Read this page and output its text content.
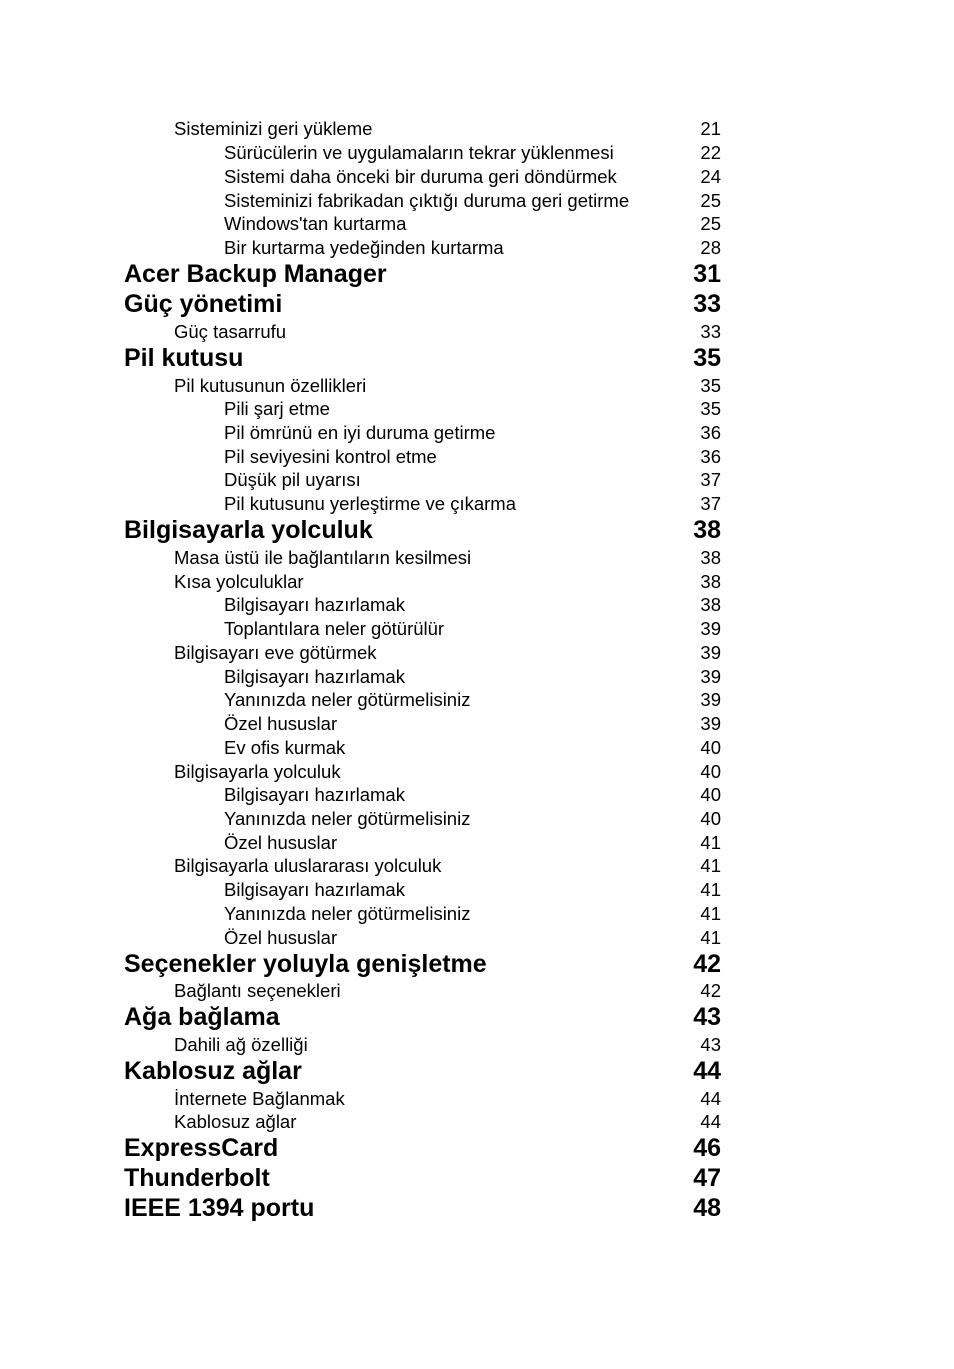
Sisteminizi geri yükleme	21
Sürücülerin ve uygulamaların tekrar yüklenmesi	22
Sistemi daha önceki bir duruma geri döndürmek	24
Sisteminizi fabrikadan çıktığı duruma geri getirme	25
Windows'tan kurtarma	25
Bir kurtarma yedeğinden kurtarma	28
Acer Backup Manager	31
Güç yönetimi	33
Güç tasarrufu	33
Pil kutusu	35
Pil kutusunun özellikleri	35
Pili şarj etme	35
Pil ömrünü en iyi duruma getirme	36
Pil seviyesini kontrol etme	36
Düşük pil uyarısı	37
Pil kutusunu yerleştirme ve çıkarma	37
Bilgisayarla yolculuk	38
Masa üstü ile bağlantıların kesilmesi	38
Kısa yolculuklar	38
Bilgisayarı hazırlamak	38
Toplantılara neler götürülür	39
Bilgisayarı eve götürmek	39
Bilgisayarı hazırlamak	39
Yanınızda neler götürmelisiniz	39
Özel hususlar	39
Ev ofis kurmak	40
Bilgisayarla yolculuk	40
Bilgisayarı hazırlamak	40
Yanınızda neler götürmelisiniz	40
Özel hususlar	41
Bilgisayarla uluslararası yolculuk	41
Bilgisayarı hazırlamak	41
Yanınızda neler götürmelisiniz	41
Özel hususlar	41
Seçenekler yoluyla genişletme	42
Bağlantı seçenekleri	42
Ağa bağlama	43
Dahili ağ özelliği	43
Kablosuz ağlar	44
İnternete Bağlanmak	44
Kablosuz ağlar	44
ExpressCard	46
Thunderbolt	47
IEEE 1394 portu	48
